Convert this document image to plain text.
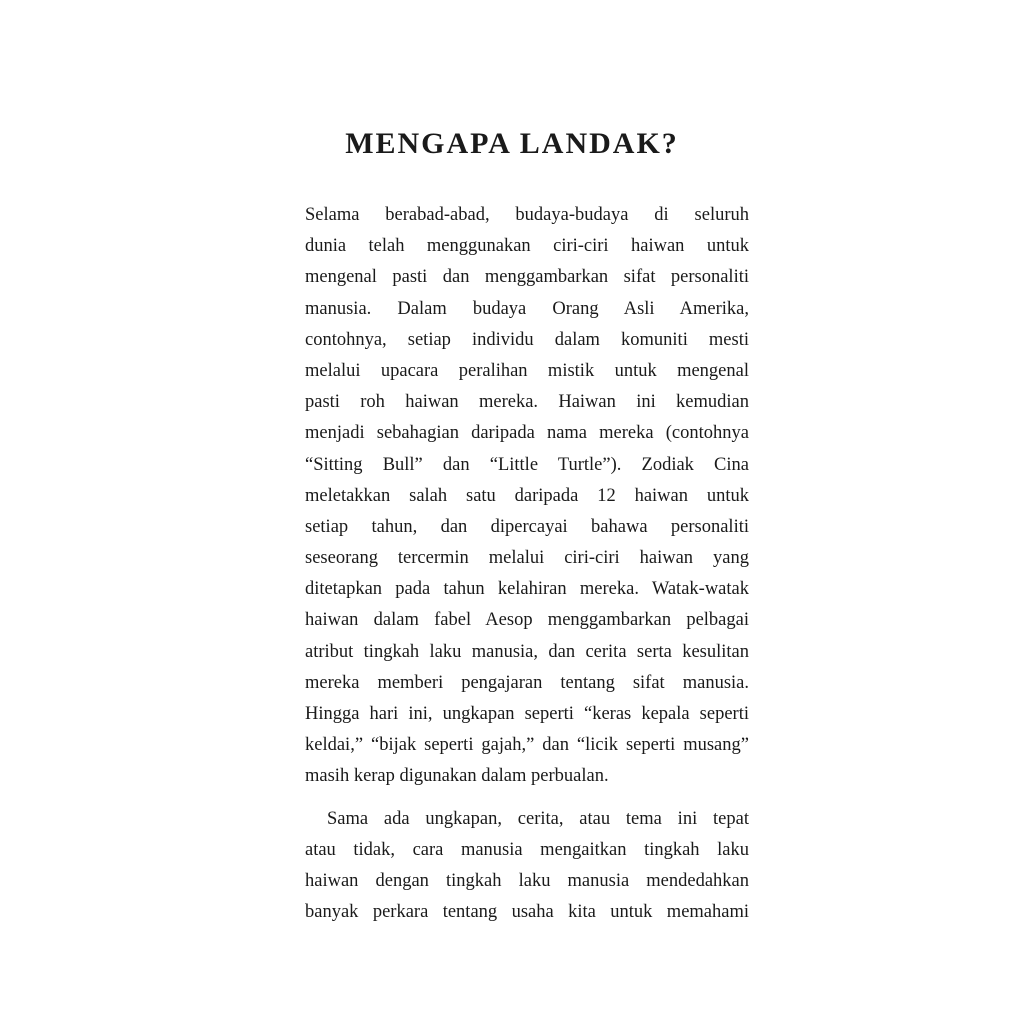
MENGAPA LANDAK?
Selama berabad-abad, budaya-budaya di seluruh
dunia telah menggunakan ciri-ciri haiwan untuk
mengenal pasti dan menggambarkan sifat personaliti
manusia. Dalam budaya Orang Asli Amerika,
contohnya, setiap individu dalam komuniti mesti
melalui upacara peralihan mistik untuk mengenal
pasti roh haiwan mereka. Haiwan ini kemudian
menjadi sebahagian daripada nama mereka (contohnya
“Sitting Bull” dan “Little Turtle”). Zodiak Cina
meletakkan salah satu daripada 12 haiwan untuk
setiap tahun, dan dipercayai bahawa personaliti
seseorang tercermin melalui ciri-ciri haiwan yang
ditetapkan pada tahun kelahiran mereka. Watak-watak
haiwan dalam fabel Aesop menggambarkan pelbagai
atribut tingkah laku manusia, dan cerita serta kesulitan
mereka memberi pengajaran tentang sifat manusia.
Hingga hari ini, ungkapan seperti “keras kepala seperti
keldai,” “bijak seperti gajah,” dan “licik seperti musang”
masih kerap digunakan dalam perbualan.
Sama ada ungkapan, cerita, atau tema ini tepat
atau tidak, cara manusia mengaitkan tingkah laku
haiwan dengan tingkah laku manusia mendedahkan
banyak perkara tentang usaha kita untuk memahami
